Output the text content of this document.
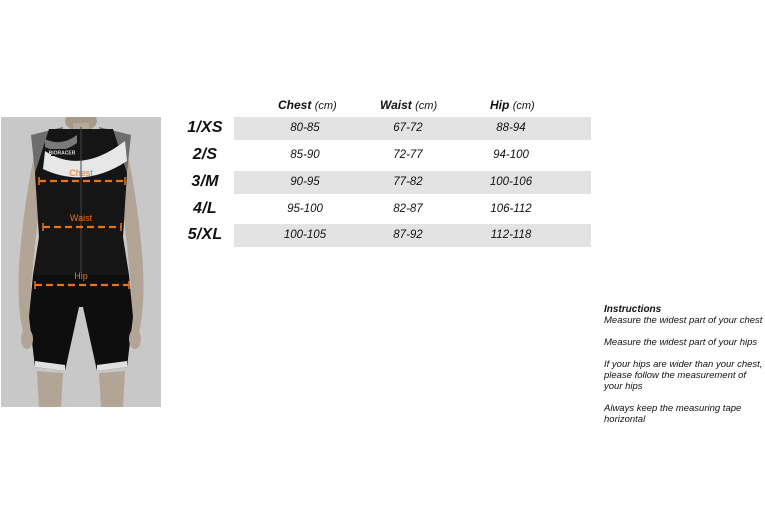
BIORACER
Chest
Waist
Hip
Chest (cm)	Waist (cm)	Hip (cm)
1/XS	80-85	67-72	88-94
2/S	85-90	72-77	94-100
3/M	90-95	77-82	100-106
4/L	95-100	82-87	106-112
5/XL	100-105	87-92	112-118
Instructions
Measure the widest part of your chest
Measure the widest part of your hips
If your hips are wider than your chest,
please follow the measurement of your hips
Always keep the measuring tape horizontal
